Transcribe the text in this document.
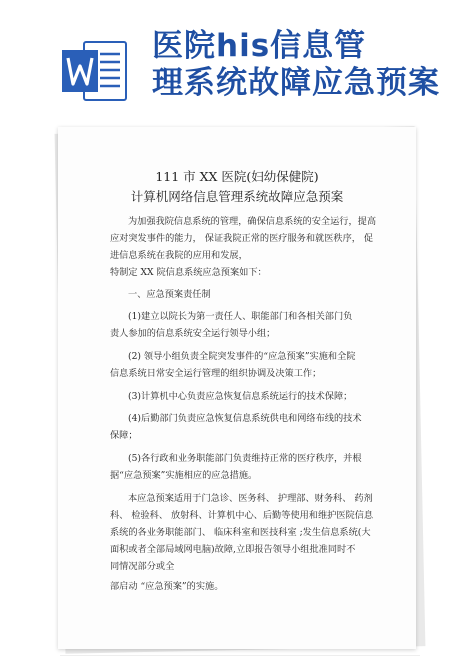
医院his信息管
理系统故障应急预案
111 市 XX 医院(妇幼保健院)
计算机网络信息管理系统故障应急预案
为加强我院信息系统的管理，确保信息系统的安全运行，提高
应对突发事件的能力， 保证我院正常的医疗服务和就医秩序， 促
进信息系统在我院的应用和发展，
特制定 XX 院信息系统应急预案如下：
一、应急预案责任制
(1)建立以院长为第一责任人、职能部门和各相关部门负
责人参加的信息系统安全运行领导小组；
(2) 领导小组负责全院突发事件的“应急预案”实施和全院
信息系统日常安全运行管理的组织协调及决策工作；
(3)计算机中心负责应急恢复信息系统运行的技术保障；
(4)后勤部门负责应急恢复信息系统供电和网络布线的技术
保障；
(5)各行政和业务职能部门负责维持正常的医疗秩序，并根
据“应急预案”实施相应的应急措施。
本应急预案适用于门急诊、医务科、 护理部、财务科、 药剂
科、 检验科、 放射科、计算机中心、后勤等使用和维护医院信息
系统的各业务职能部门、 临床科室和医技科室 ;发生信息系统(大
面积或者全部局域网电脑)故障,立即报告领导小组批准同时不
同情况部分或全
部启动 “应急预案”的实施。
